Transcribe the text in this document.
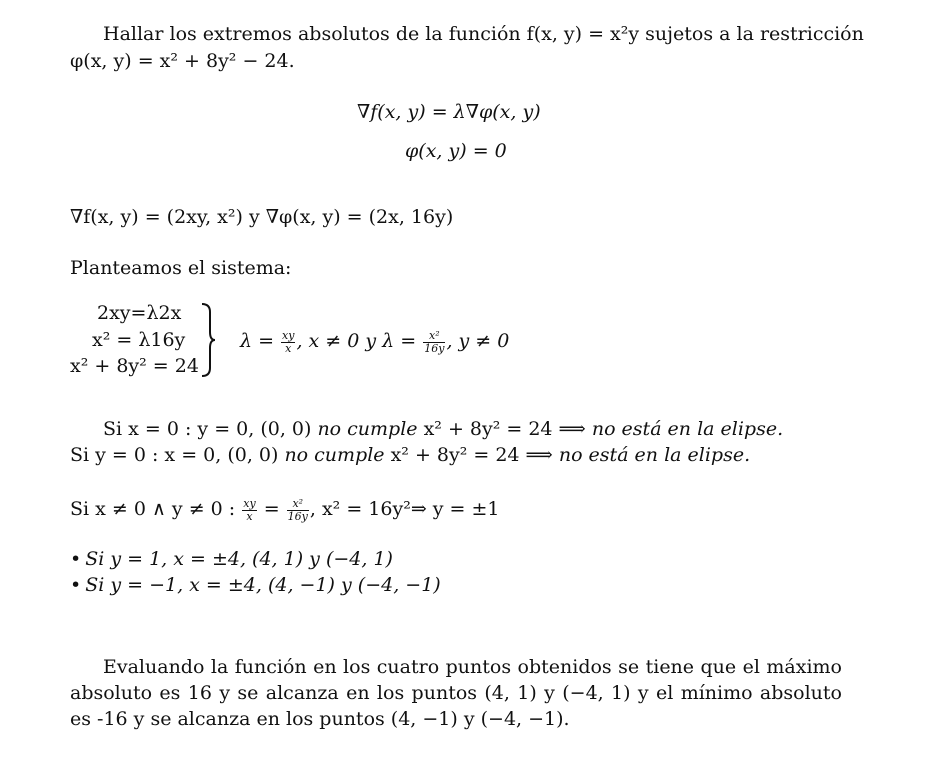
Hallar los extremos absolutos de la función f(x, y) = x²y sujetos a la restricción
φ(x, y) = x² + 8y² − 24.
∇f(x, y) = λ∇φ(x, y)
φ(x, y) = 0
∇f(x, y) = (2xy, x²) y ∇φ(x, y) = (2x, 16y)
Planteamos el sistema:
2xy=λ2x
x² = λ16y
x² + 8y² = 24
$\lambda = \frac{xy}{x}$ , x ≠ 0 y $\lambda = \frac{\text{x²}}{16y}$ , y ≠ 0
Si x = 0 : y = 0, (0, 0) no cumple x² + 8y² = 24 ⟹ no está en la elipse.
Si y = 0 : x = 0, (0, 0) no cumple x² + 8y² = 24 ⟹ no está en la elipse.
Si x ≠ 0 ∧ y ≠ 0 : $\frac{xy}{x} = \frac{\text{x²}}{16y}$ , x² = 16y²⇒ y = ±1
• Si y = 1, x = ±4, (4, 1) y (−4, 1)
• Si y = −1, x = ±4, (4, −1) y (−4, −1)
Evaluando la función en los cuatro puntos obtenidos se tiene que el máximo absoluto es 16 y se alcanza en los puntos (4, 1) y (−4, 1) y el mínimo absoluto es -16 y se alcanza en los puntos (4, −1) y (−4, −1).
